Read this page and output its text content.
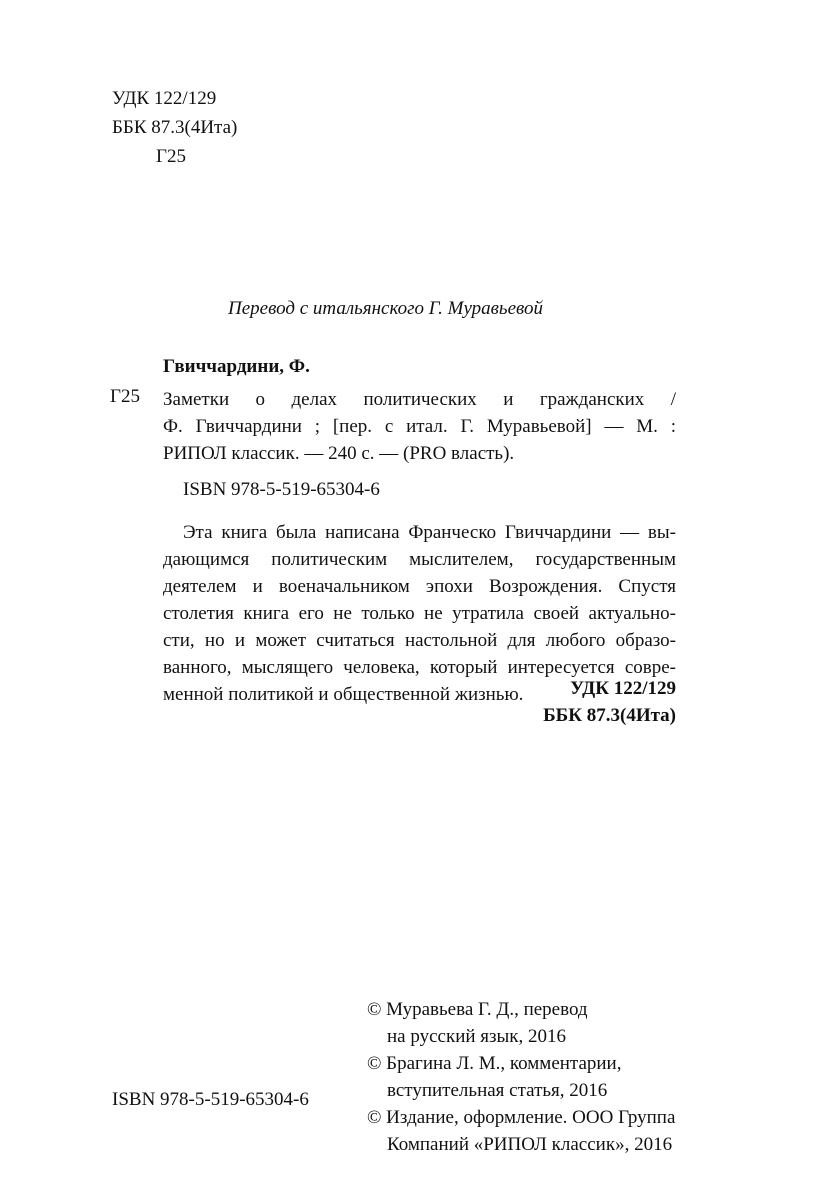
УДК 122/129
ББК 87.3(4Ита)
Г25
Перевод с итальянского Г. Муравьевой
Гвиччардини, Ф.
Г25 Заметки о делах политических и гражданских /
Ф. Гвиччардини ; [пер. с итал. Г. Муравьевой] — М. :
РИПОЛ классик. — 240 с. — (PRO власть).
ISBN 978-5-519-65304-6
Эта книга была написана Франческо Гвиччардини — вы-
дающимся политическим мыслителем, государственным
деятелем и военачальником эпохи Возрождения. Спустя
столетия книга его не только не утратила своей актуально-
сти, но и может считаться настольной для любого образо-
ванного, мыслящего человека, который интересуется совре-
менной политикой и общественной жизнью.	УДК 122/129
ББК 87.3(4Ита)
© Муравьева Г. Д., перевод
на русский язык, 2016
© Брагина Л. М., комментарии,
вступительная статья, 2016
© Издание, оформление. ООО Группа
Компаний «РИПОЛ классик», 2016
ISBN 978-5-519-65304-6
